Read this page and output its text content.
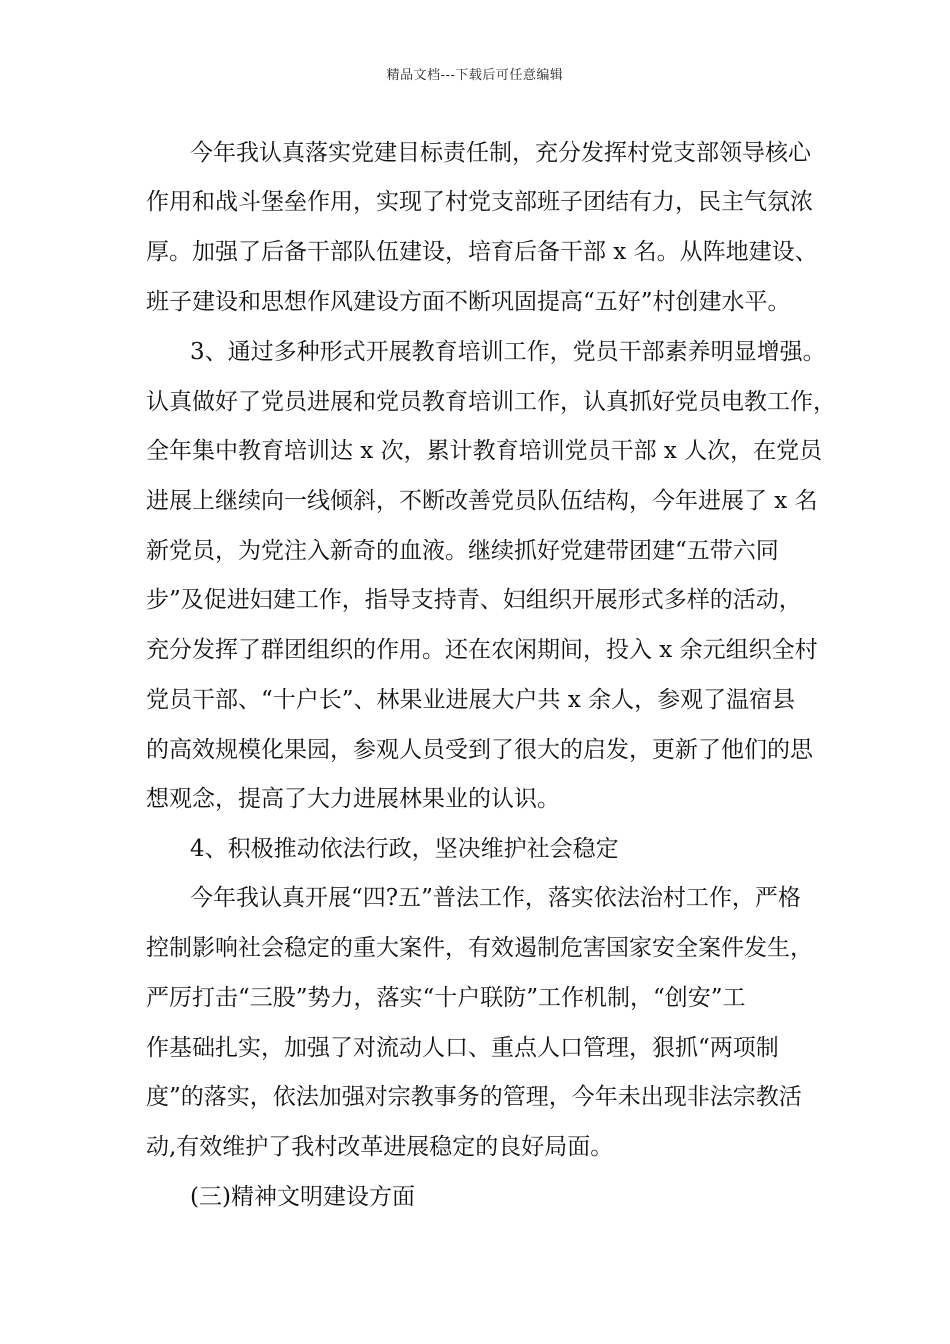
精品文档---下载后可任意编辑
今年我认真落实党建目标责任制，充分发挥村党支部领导核心
作用和战斗堡垒作用，实现了村党支部班子团结有力，民主气氛浓
厚。加强了后备干部队伍建设，培育后备干部 x 名。从阵地建设、
班子建设和思想作风建设方面不断巩固提高“五好”村创建水平。
3、通过多种形式开展教育培训工作，党员干部素养明显增强。
认真做好了党员进展和党员教育培训工作，认真抓好党员电教工作，
全年集中教育培训达 x 次，累计教育培训党员干部 x 人次，在党员
进展上继续向一线倾斜，不断改善党员队伍结构，今年进展了 x 名
新党员，为党注入新奇的血液。继续抓好党建带团建“五带六同
步”及促进妇建工作，指导支持青、妇组织开展形式多样的活动，
充分发挥了群团组织的作用。还在农闲期间，投入 x 余元组织全村
党员干部、“十户长”、林果业进展大户共 x 余人，参观了温宿县
的高效规模化果园，参观人员受到了很大的启发，更新了他们的思
想观念，提高了大力进展林果业的认识。
4、积极推动依法行政，坚决维护社会稳定
今年我认真开展“四?五”普法工作，落实依法治村工作，严格
控制影响社会稳定的重大案件，有效遏制危害国家安全案件发生，
严厉打击“三股”势力，落实“十户联防”工作机制，“创安”工
作基础扎实，加强了对流动人口、重点人口管理，狠抓“两项制
度”的落实，依法加强对宗教事务的管理，今年未出现非法宗教活
动,有效维护了我村改革进展稳定的良好局面。
(三)精神文明建设方面
